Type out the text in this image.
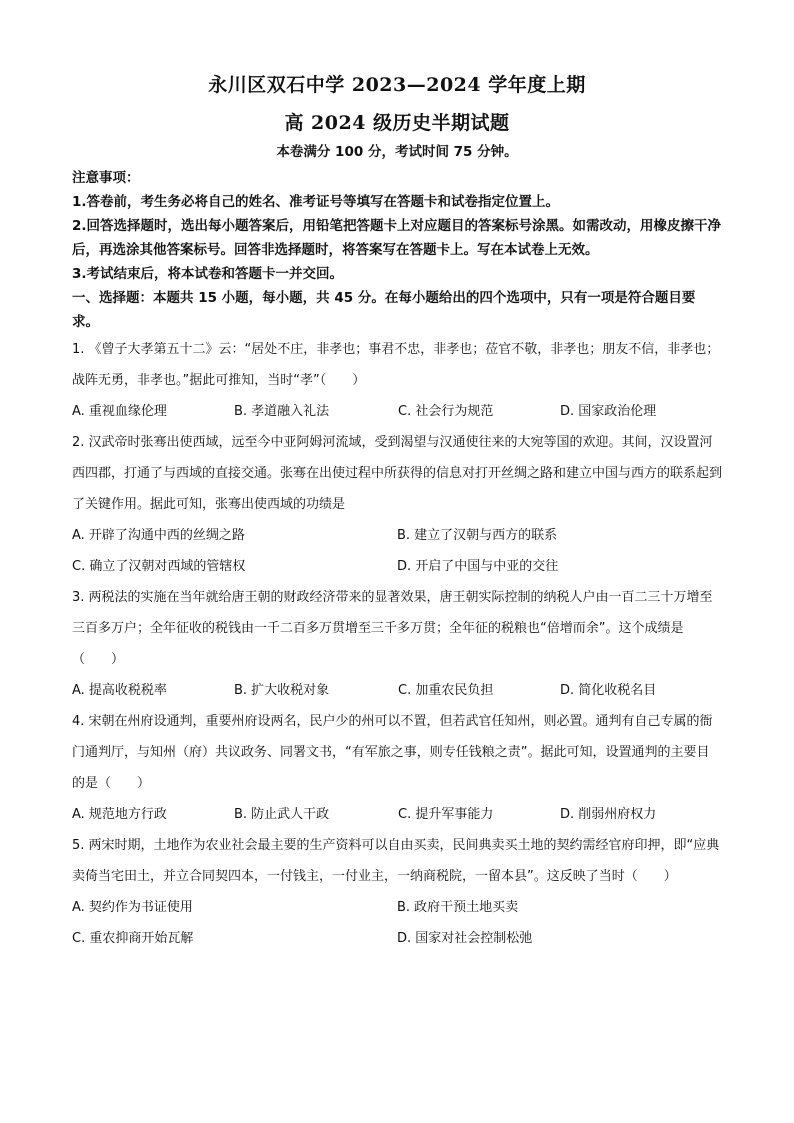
永川区双石中学 2023—2024 学年度上期
高 2024 级历史半期试题
本卷满分 100 分，考试时间 75 分钟。

注意事项：

1.答卷前，考生务必将自己的姓名、准考证号等填写在答题卡和试卷指定位置上。

2.回答选择题时，选出每小题答案后，用铅笔把答题卡上对应题目的答案标号涂黑。如需改动，用橡皮擦干净后，再选涂其他答案标号。回答非选择题时，将答案写在答题卡上。写在本试卷上无效。

3.考试结束后，将本试卷和答题卡一并交回。

一、选择题：本题共 15 小题，每小题，共 45 分。在每小题给出的四个选项中，只有一项是符合题目要求。

1. 《曾子大孝第五十二》云：“居处不庄，非孝也；事君不忠，非孝也；莅官不敬，非孝也；朋友不信，非孝也；战阵无勇，非孝也。”据此可推知，当时“孝”（　　）

A. 重视血缘伦理	B. 孝道融入礼法	C. 社会行为规范	D. 国家政治伦理

2. 汉武帝时张骞出使西域，远至今中亚阿姆河流域，受到渴望与汉通使往来的大宛等国的欢迎。其间，汉设置河西四郡，打通了与西域的直接交通。张骞在出使过程中所获得的信息对打开丝绸之路和建立中国与西方的联系起到了关键作用。据此可知，张骞出使西域的功绩是

A. 开辟了沟通中西的丝绸之路	B. 建立了汉朝与西方的联系
C. 确立了汉朝对西域的管辖权	D. 开启了中国与中亚的交往

3. 两税法的实施在当年就给唐王朝的财政经济带来的显著效果，唐王朝实际控制的纳税人户由一百二三十万增至三百多万户；全年征收的税钱由一千二百多万贯增至三千多万贯；全年征的税粮也“倍增而余”。这个成绩是（　　）

A. 提高收税税率	B. 扩大收税对象	C. 加重农民负担	D. 简化收税名目

4. 宋朝在州府设通判，重要州府设两名，民户少的州可以不置，但若武官任知州，则必置。通判有自己专属的衙门通判厅，与知州（府）共议政务、同署文书，“有军旅之事，则专任钱粮之责”。据此可知，设置通判的主要目的是（　　）

A. 规范地方行政	B. 防止武人干政	C. 提升军事能力	D. 削弱州府权力

5. 两宋时期，土地作为农业社会最主要的生产资料可以自由买卖，民间典卖买土地的契约需经官府印押，即“应典卖倚当宅田土，并立合同契四本，一付钱主，一付业主，一纳商税院，一留本县”。这反映了当时（　　）

A. 契约作为书证使用	B. 政府干预土地买卖
C. 重农抑商开始瓦解	D. 国家对社会控制松弛
